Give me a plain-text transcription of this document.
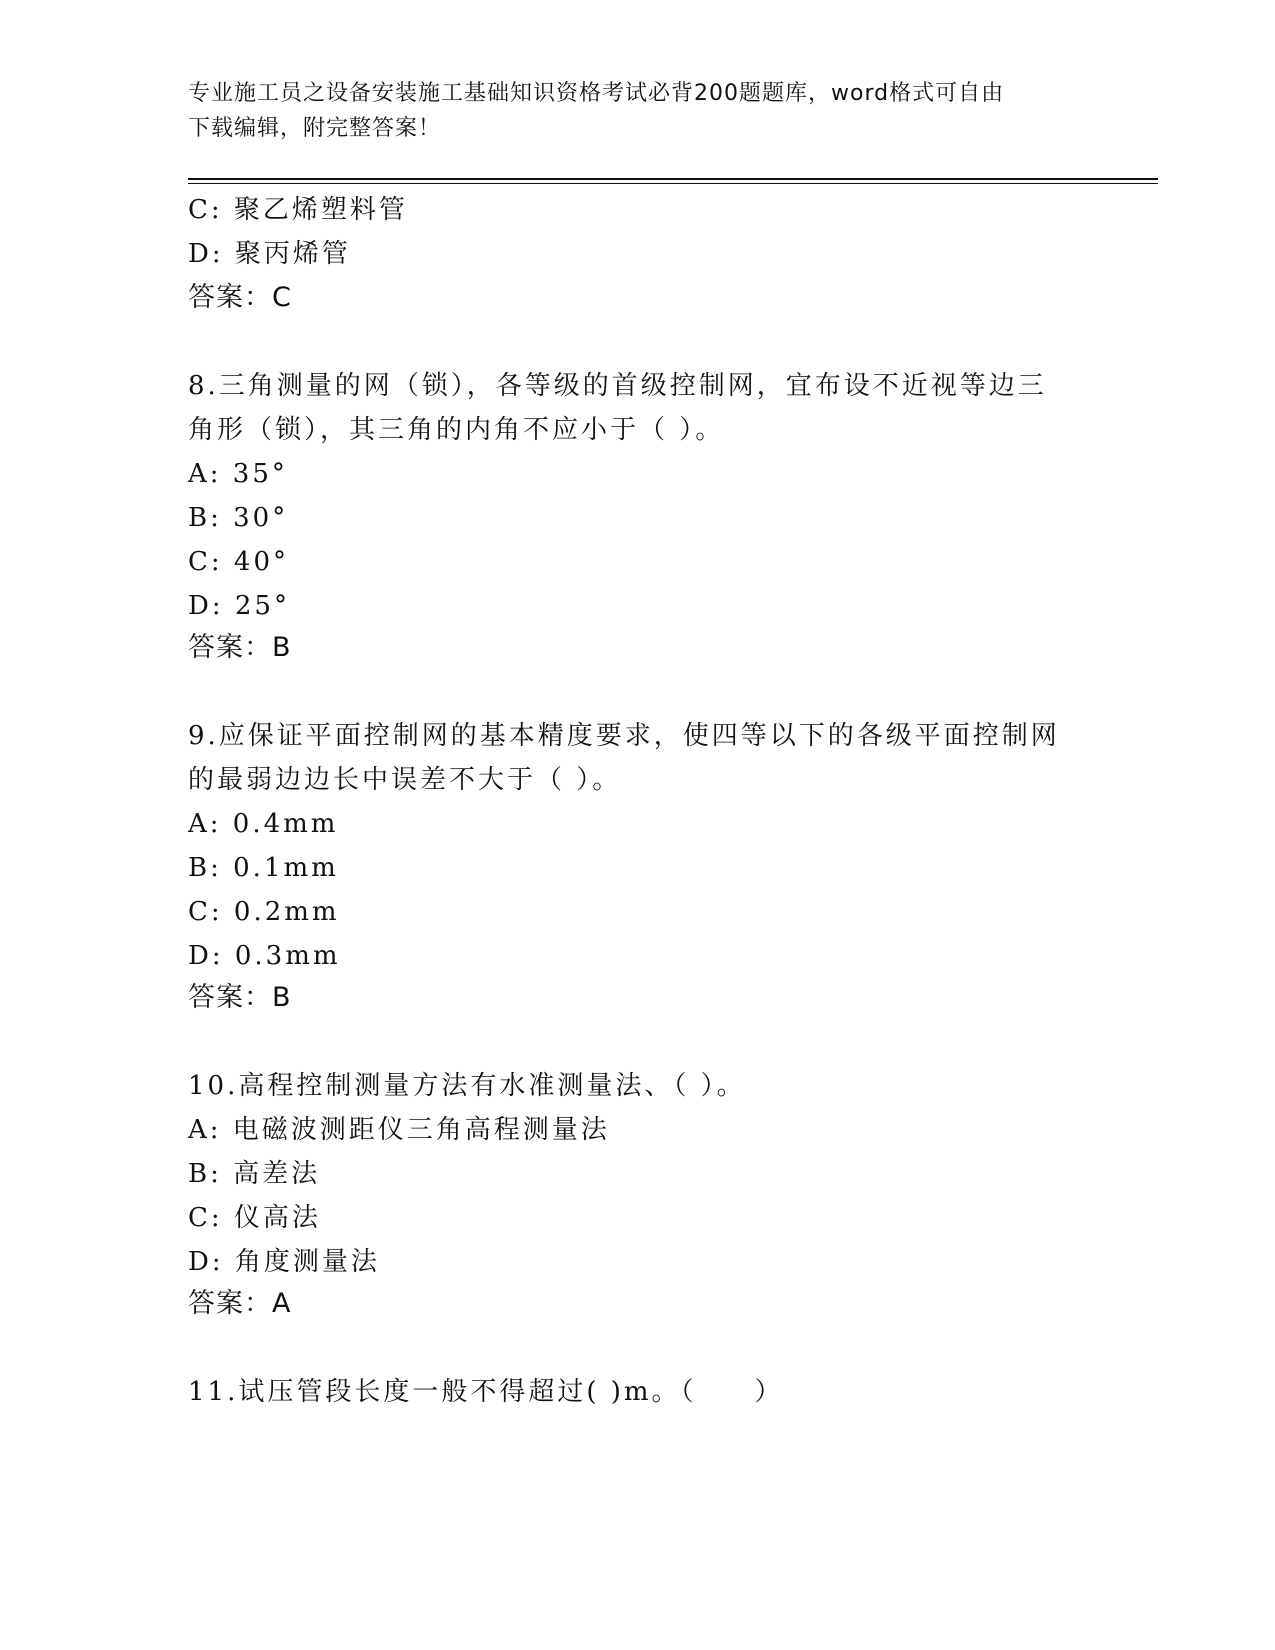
专业施工员之设备安装施工基础知识资格考试必背200题题库，word格式可自由
下载编辑，附完整答案！
C: 聚乙烯塑料管
D: 聚丙烯管
答案：C
8.三角测量的网（锁），各等级的首级控制网，宜布设不近视等边三
角形（锁），其三角的内角不应小于（ ）。
A: 35°
B: 30°
C: 40°
D: 25°
答案：B
9.应保证平面控制网的基本精度要求，使四等以下的各级平面控制网
的最弱边边长中误差不大于（ ）。
A: 0.4mm
B: 0.1mm
C: 0.2mm
D: 0.3mm
答案：B
10.高程控制测量方法有水准测量法、（ ）。
A: 电磁波测距仪三角高程测量法
B: 高差法
C: 仪高法
D: 角度测量法
答案：A
11.试压管段长度一般不得超过( )m。（　　）
